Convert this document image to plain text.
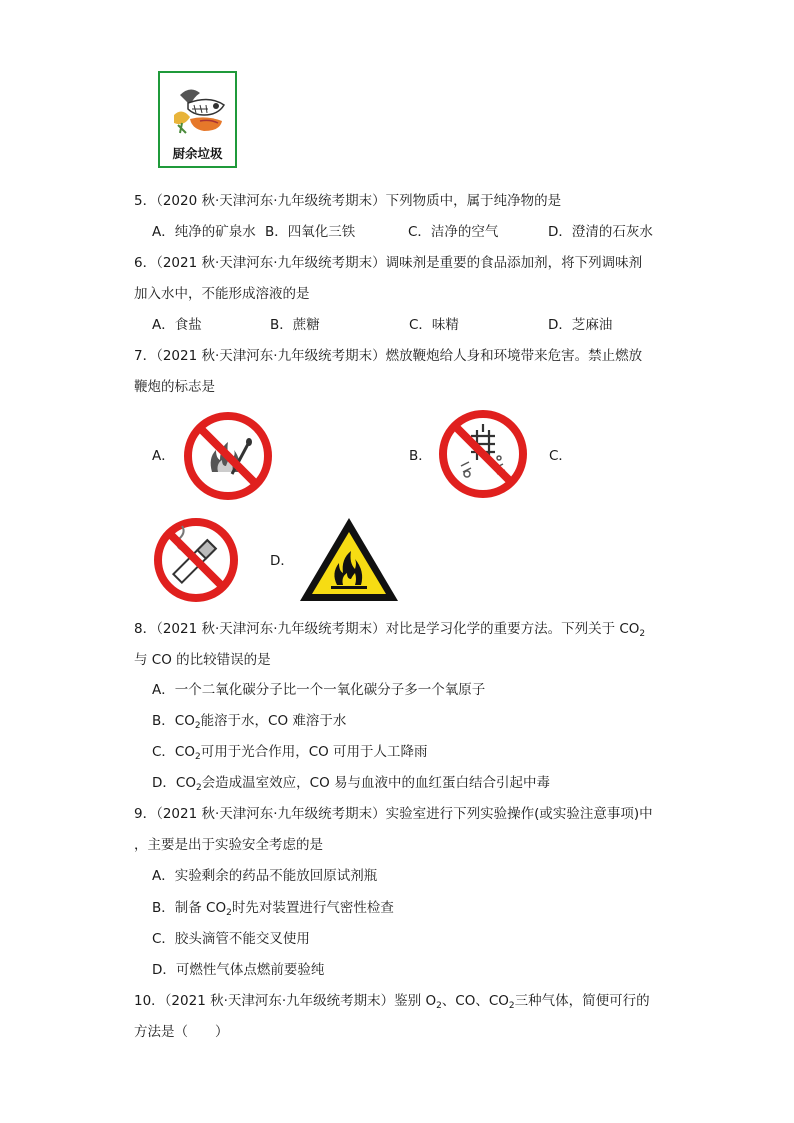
厨余垃圾
5．（2020 秋·天津河东·九年级统考期末）下列物质中，属于纯净物的是
A．纯净的矿泉水 B．四氧化三铁	C．洁净的空气	D．澄清的石灰水
6．（2021 秋·天津河东·九年级统考期末）调味剂是重要的食品添加剂，将下列调味剂
加入水中，不能形成溶液的是
A．食盐	B．蔗糖	C．味精	D．芝麻油
7．（2021 秋·天津河东·九年级统考期末）燃放鞭炮给人身和环境带来危害。禁止燃放
鞭炮的标志是
A．	B．	C．
D．
8．（2021 秋·天津河东·九年级统考期末）对比是学习化学的重要方法。下列关于 $CO_2$
与 CO 的比较错误的是
A．一个二氧化碳分子比一个一氧化碳分子多一个氧原子
B．$CO_2$能溶于水，CO 难溶于水
C．$CO_2$可用于光合作用，CO 可用于人工降雨
D．$CO_2$会造成温室效应，CO 易与血液中的血红蛋白结合引起中毒
9．（2021 秋·天津河东·九年级统考期末）实验室进行下列实验操作(或实验注意事项)中
，主要是出于实验安全考虑的是
A．实验剩余的药品不能放回原试剂瓶
B．制备 $CO_2$时先对装置进行气密性检查
C．胶头滴管不能交叉使用
D．可燃性气体点燃前要验纯
10．（2021 秋·天津河东·九年级统考期末）鉴别 $O_2$、CO、$CO_2$三种气体，简便可行的
方法是（　　）
